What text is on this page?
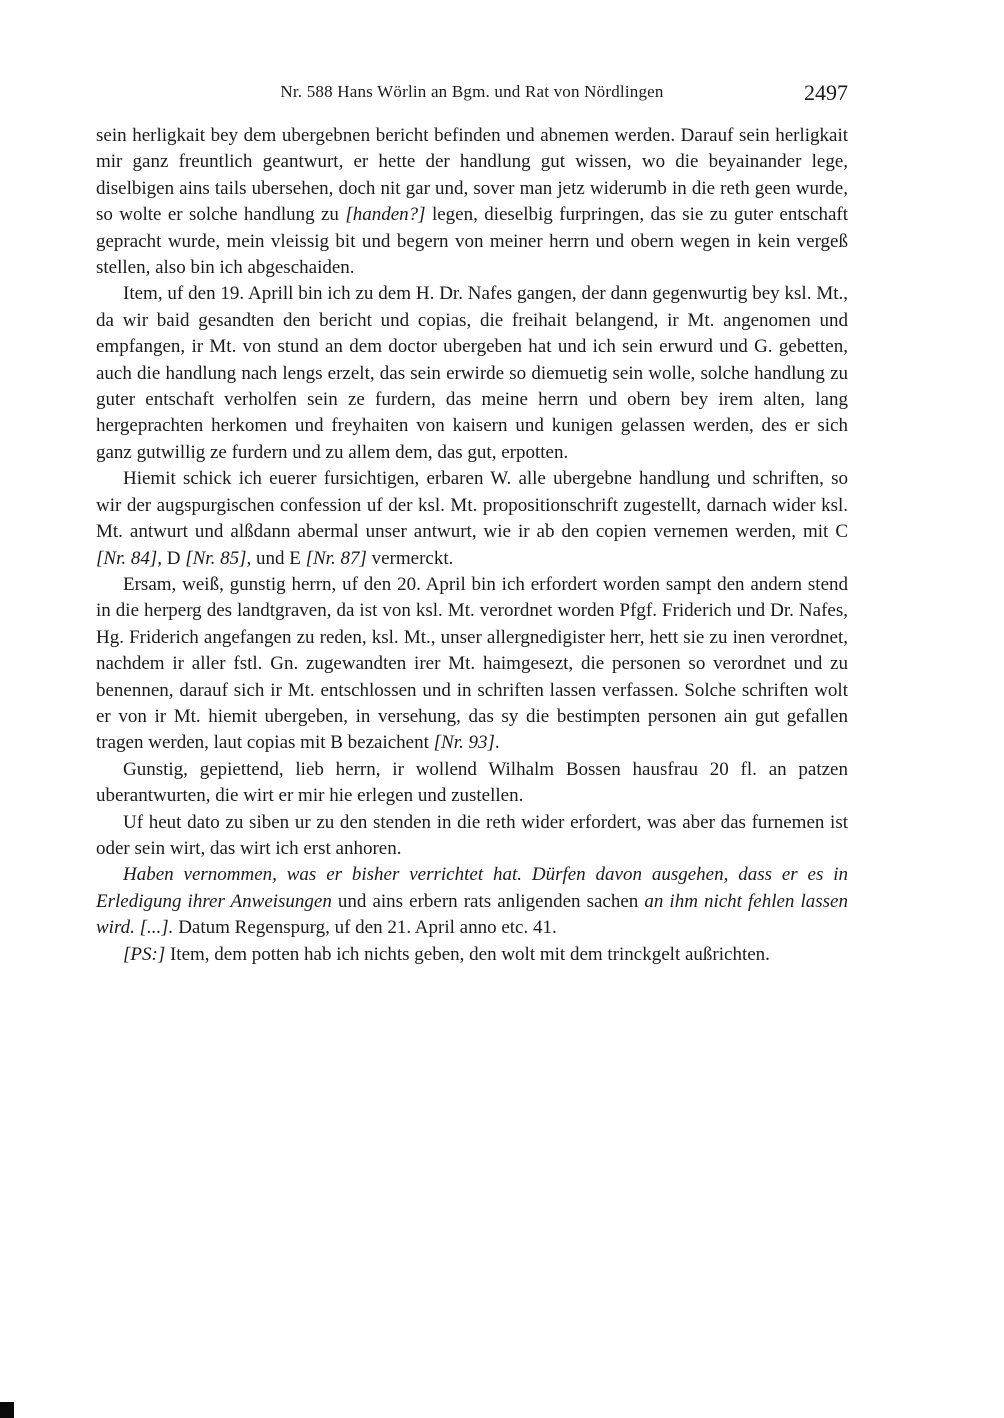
Nr. 588 Hans Wörlin an Bgm. und Rat von Nördlingen	2497

sein herligkait bey dem ubergebnen bericht befinden und abnemen werden. Darauf sein herligkait mir ganz freuntlich geantwurt, er hette der handlung gut wissen, wo die beyainander lege, diselbigen ains tails ubersehen, doch nit gar und, sover man jetz widerumb in die reth geen wurde, so wolte er solche handlung zu [handen?] legen, dieselbig furpringen, das sie zu guter entschaft gepracht wurde, mein vleissig bit und begern von meiner herrn und obern wegen in kein vergeß stellen, also bin ich abgeschaiden.

Item, uf den 19. Aprill bin ich zu dem H. Dr. Nafes gangen, der dann gegenwurtig bey ksl. Mt., da wir baid gesandten den bericht und copias, die freihait belangend, ir Mt. angenomen und empfangen, ir Mt. von stund an dem doctor ubergeben hat und ich sein erwurd und G. gebetten, auch die handlung nach lengs erzelt, das sein erwirde so diemuetig sein wolle, solche handlung zu guter entschaft verholfen sein ze furdern, das meine herrn und obern bey irem alten, lang hergeprachten herkomen und freyhaiten von kaisern und kunigen gelassen werden, des er sich ganz gutwillig ze furdern und zu allem dem, das gut, erpotten.

Hiemit schick ich euerer fursichtigen, erbaren W. alle ubergebne handlung und schriften, so wir der augspurgischen confession uf der ksl. Mt. propositionschrift zugestellt, darnach wider ksl. Mt. antwurt und alßdann abermal unser antwurt, wie ir ab den copien vernemen werden, mit C [Nr. 84], D [Nr. 85], und E [Nr. 87] vermerckt.

Ersam, weiß, gunstig herrn, uf den 20. April bin ich erfordert worden sampt den andern stend in die herperg des landtgraven, da ist von ksl. Mt. verordnet worden Pfgf. Friderich und Dr. Nafes, Hg. Friderich angefangen zu reden, ksl. Mt., unser allergnedigister herr, hett sie zu inen verordnet, nachdem ir aller fstl. Gn. zugewandten irer Mt. haimgesezt, die personen so verordnet und zu benennen, darauf sich ir Mt. entschlossen und in schriften lassen verfassen. Solche schriften wolt er von ir Mt. hiemit ubergeben, in versehung, das sy die bestimpten personen ain gut gefallen tragen werden, laut copias mit B bezaichent [Nr. 93].

Gunstig, gepiettend, lieb herrn, ir wollend Wilhalm Bossen hausfrau 20 fl. an patzen uberantwurten, die wirt er mir hie erlegen und zustellen.

Uf heut dato zu siben ur zu den stenden in die reth wider erfordert, was aber das furnemen ist oder sein wirt, das wirt ich erst anhoren.

Haben vernommen, was er bisher verrichtet hat. Dürfen davon ausgehen, dass er es in Erledigung ihrer Anweisungen und ains erbern rats anligenden sachen an ihm nicht fehlen lassen wird. [...]. Datum Regenspurg, uf den 21. April anno etc. 41.

[PS:] Item, dem potten hab ich nichts geben, den wolt mit dem trinckgelt außrichten.
